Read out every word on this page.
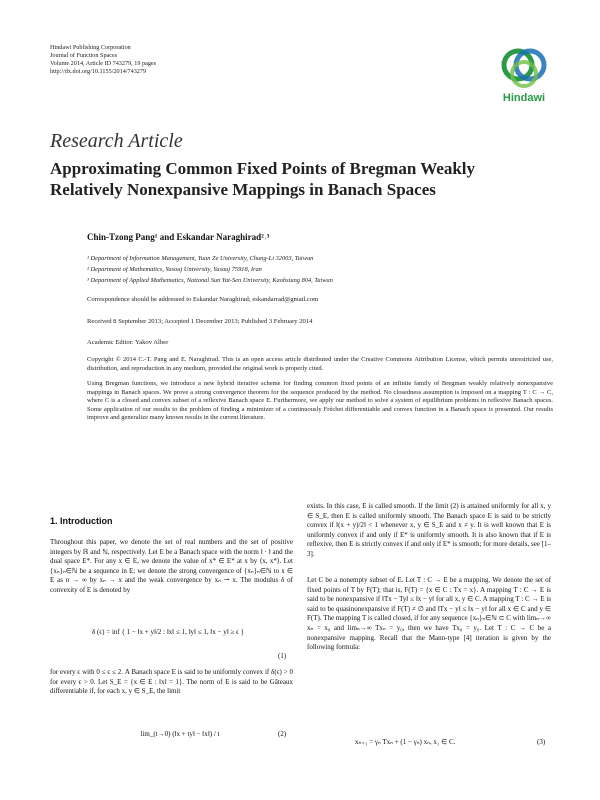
Hindawi Publishing Corporation
Journal of Function Spaces
Volume 2014, Article ID 743279, 19 pages
http://dx.doi.org/10.1155/2014/743279
Hindawi
Research Article
Approximating Common Fixed Points of Bregman Weakly Relatively Nonexpansive Mappings in Banach Spaces
Chin-Tzong Pang¹ and Eskandar Naraghirad²˒³
¹ Department of Information Management, Yuan Ze University, Chung-Li 32003, Taiwan
² Department of Mathematics, Yasouj University, Yasouj 75918, Iran
³ Department of Applied Mathematics, National Sun Yat-Sen University, Kaohsiung 804, Taiwan
Correspondence should be addressed to Eskandar Naraghirad; eskandarrad@gmail.com
Received 8 September 2013; Accepted 1 December 2013; Published 3 February 2014
Academic Editor: Yakov Alber
Copyright © 2014 C.-T. Pang and E. Naraghirad. This is an open access article distributed under the Creative Commons Attribution License, which permits unrestricted use, distribution, and reproduction in any medium, provided the original work is properly cited.
Using Bregman functions, we introduce a new hybrid iterative scheme for finding common fixed points of an infinite family of Bregman weakly relatively nonexpansive mappings in Banach spaces. We prove a strong convergence theorem for the sequence produced by the method. No closedness assumption is imposed on a mapping T : C → C, where C is a closed and convex subset of a reflexive Banach space E. Furthermore, we apply our method to solve a system of equilibrium problems in reflexive Banach spaces. Some application of our results to the problem of finding a minimizer of a continuously Fréchet differentiable and convex function in a Banach space is presented. Our results improve and generalize many known results in the current literature.
1. Introduction
Throughout this paper, we denote the set of real numbers and the set of positive integers by ℝ and ℕ, respectively. Let E be a Banach space with the norm ‖ · ‖ and the dual space E*. For any x ∈ E, we denote the value of x* ∈ E* at x by ⟨x, x*⟩. Let {xₙ}ₙ∈ℕ be a sequence in E; we denote the strong convergence of {xₙ}ₙ∈ℕ to x ∈ E as n → ∞ by xₙ → x and the weak convergence by xₙ ⇀ x. The modulus δ of convexity of E is denoted by
δ (ϵ) = inf { 1 − ‖x + y‖/2 : ‖x‖ ≤ 1, ‖y‖ ≤ 1, ‖x − y‖ ≥ ϵ }
(1)
for every ϵ with 0 ≤ ϵ ≤ 2. A Banach space E is said to be uniformly convex if δ(ϵ) > 0 for every ϵ > 0. Let S_E = {x ∈ E : ‖x‖ = 1}. The norm of E is said to be Gâteaux differentiable if, for each x, y ∈ S_E, the limit
lim_(t→0) (‖x + ty‖ − ‖x‖) / t	(2)
exists. In this case, E is called smooth. If the limit (2) is attained uniformly for all x, y ∈ S_E, then E is called uniformly smooth. The Banach space E is said to be strictly convex if ‖(x + y)/2‖ < 1 whenever x, y ∈ S_E and x ≠ y. It is well known that E is uniformly convex if and only if E* is uniformly smooth. It is also known that if E is reflexive, then E is strictly convex if and only if E* is smooth; for more details, see [1–3].
Let C be a nonempty subset of E. Let T : C → E be a mapping. We denote the set of fixed points of T by F(T); that is, F(T) = {x ∈ C : Tx = x}. A mapping T : C → E is said to be nonexpansive if ‖Tx − Ty‖ ≤ ‖x − y‖ for all x, y ∈ C. A mapping T : C → E is said to be quasinonexpansive if F(T) ≠ ∅ and ‖Tx − y‖ ≤ ‖x − y‖ for all x ∈ C and y ∈ F(T). The mapping T is called closed, if for any sequence {xₙ}ₙ∈ℕ ⊂ C with limₙ→∞ xₙ = x₀ and limₙ→∞ Txₙ = y₀, then we have Tx₀ = y₀. Let T : C → C be a nonexpansive mapping. Recall that the Mann-type [4] iteration is given by the following formula:
xₙ₊₁ = γₙ Txₙ + (1 − γₙ) xₙ, x₁ ∈ C.	(3)
